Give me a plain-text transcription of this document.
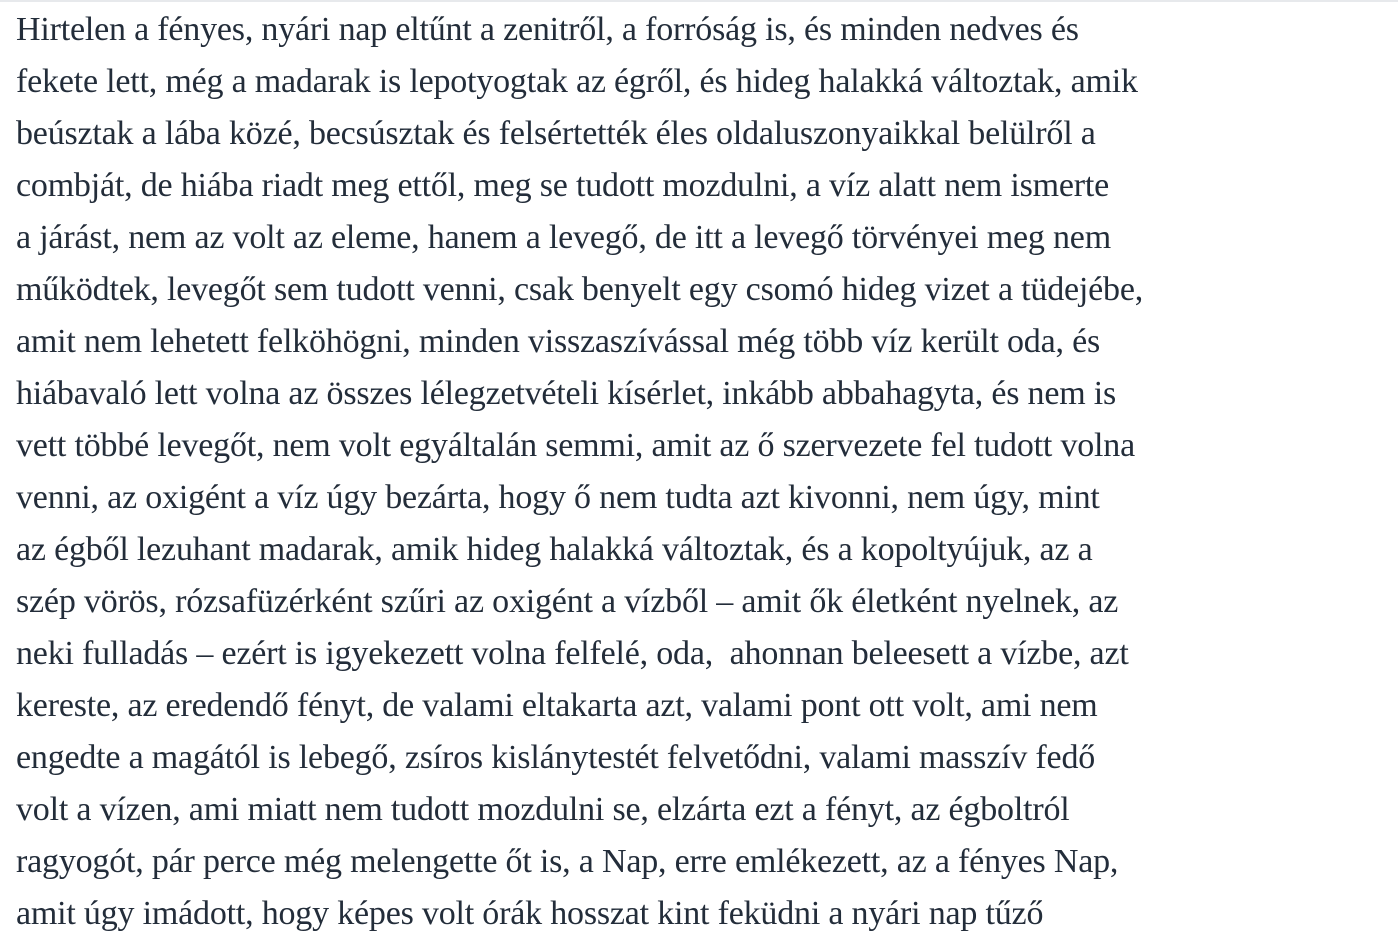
Hirtelen a fényes, nyári nap eltűnt a zenitről, a forróság is, és minden nedves és
fekete lett, még a madarak is lepotyogtak az égről, és hideg halakká változtak, amik
beúsztak a lába közé, becsúsztak és felsértették éles oldaluszonyaikkal belülről a
combját, de hiába riadt meg ettől, meg se tudott mozdulni, a víz alatt nem ismerte
a járást, nem az volt az eleme, hanem a levegő, de itt a levegő törvényei meg nem
működtek, levegőt sem tudott venni, csak benyelt egy csomó hideg vizet a tüdejébe,
amit nem lehetett felköhögni, minden visszaszívással még több víz került oda, és
hiábavaló lett volna az összes lélegzetvételi kísérlet, inkább abbahagyta, és nem is
vett többé levegőt, nem volt egyáltalán semmi, amit az ő szervezete fel tudott volna
venni, az oxigént a víz úgy bezárta, hogy ő nem tudta azt kivonni, nem úgy, mint
az égből lezuhant madarak, amik hideg halakká változtak, és a kopoltyújuk, az a
szép vörös, rózsafüzérként szűri az oxigént a vízből – amit ők életként nyelnek, az
neki fulladás – ezért is igyekezett volna felfelé, oda,  ahonnan beleesett a vízbe, azt
kereste, az eredendő fényt, de valami eltakarta azt, valami pont ott volt, ami nem
engedte a magától is lebegő, zsíros kislánytestét felvetődni, valami masszív fedő
volt a vízen, ami miatt nem tudott mozdulni se, elzárta ezt a fényt, az égboltról
ragyogót, pár perce még melengette őt is, a Nap, erre emlékezett, az a fényes Nap,
amit úgy imádott, hogy képes volt órák hosszat kint feküdni a nyári nap tűző
